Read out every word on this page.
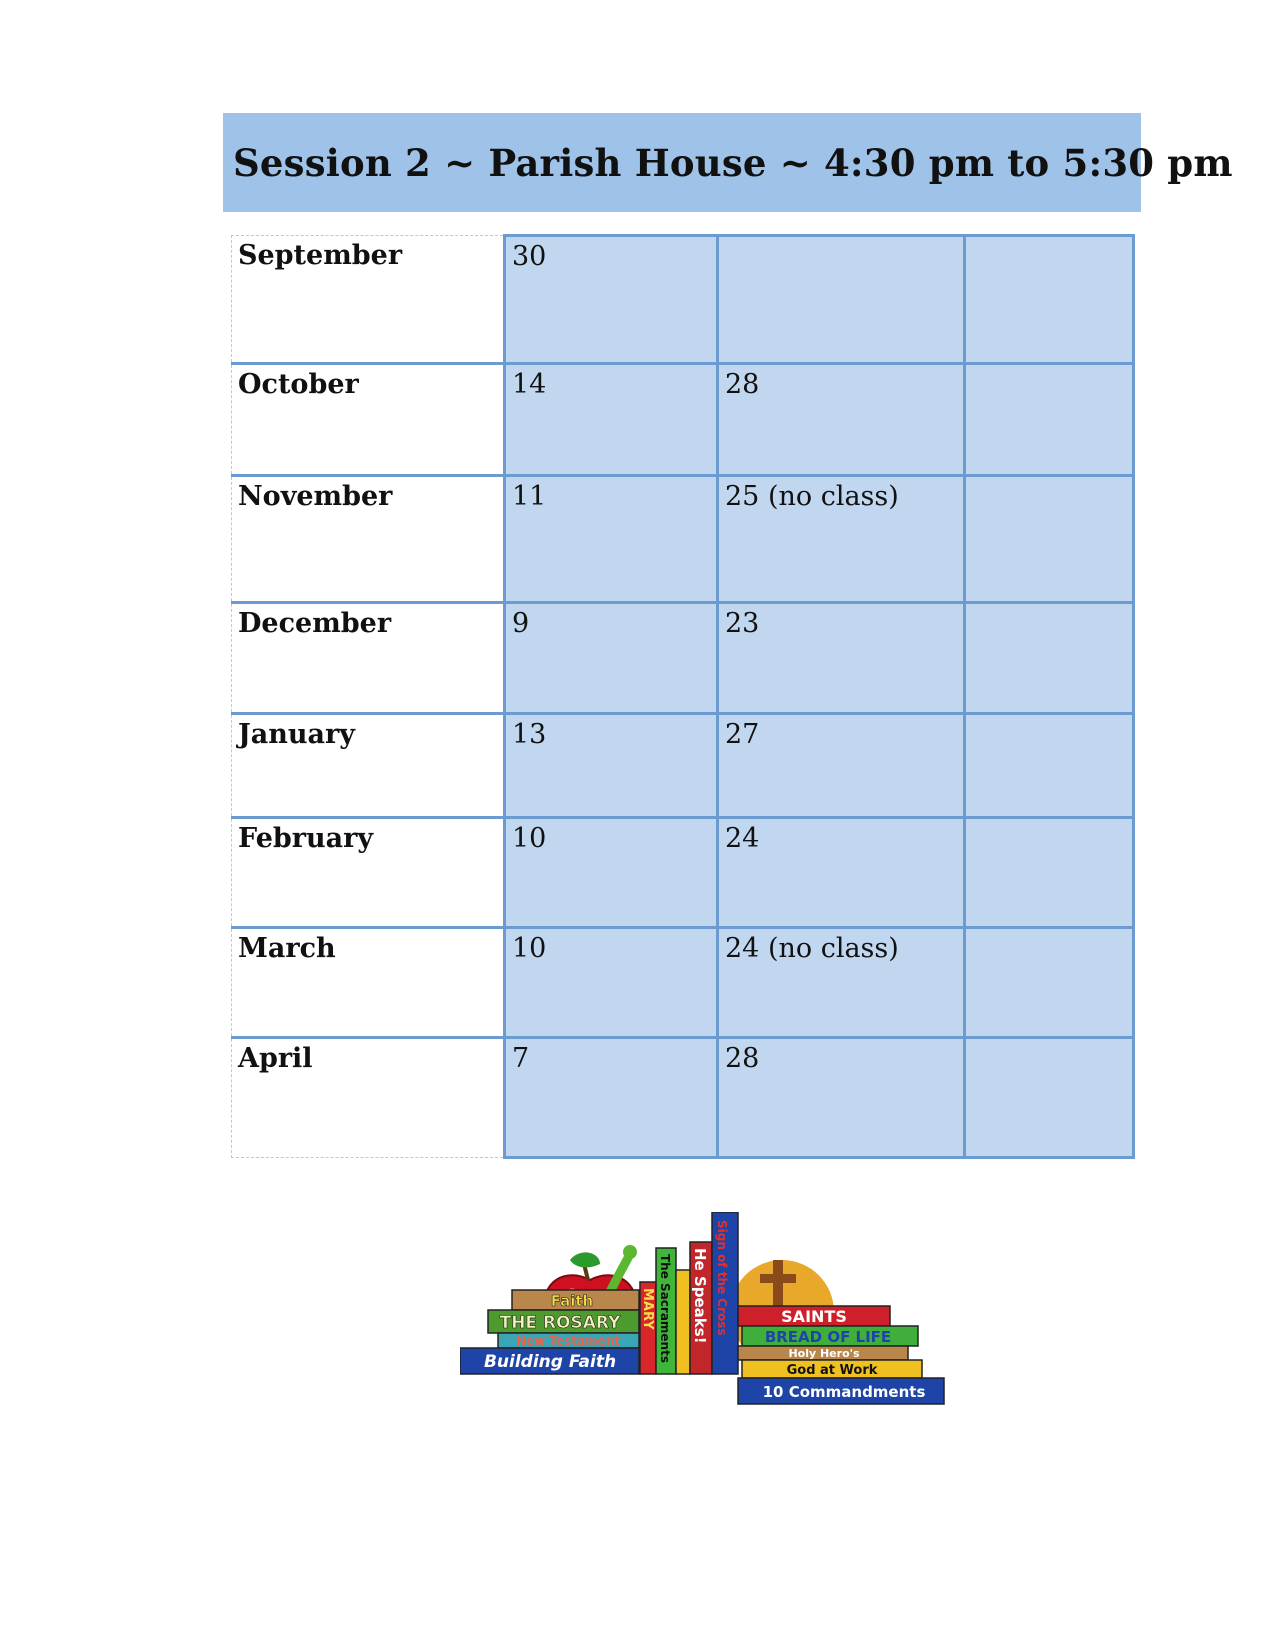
Session 2 ~ Parish House ~ 4:30 pm to 5:30 pm
September	30		
October	14	28	
November	11	25 (no class)	
December	9	23	
January	13	27	
February	10	24	
March	10	24 (no class)	
April	7	28	
Faith
THE ROSARY
New Testament
Building Faith
MARY The Sacraments He Speaks! Sign of the Cross	SAINTS
BREAD OF LIFE
Holy Hero's
God at Work
10 Commandments
